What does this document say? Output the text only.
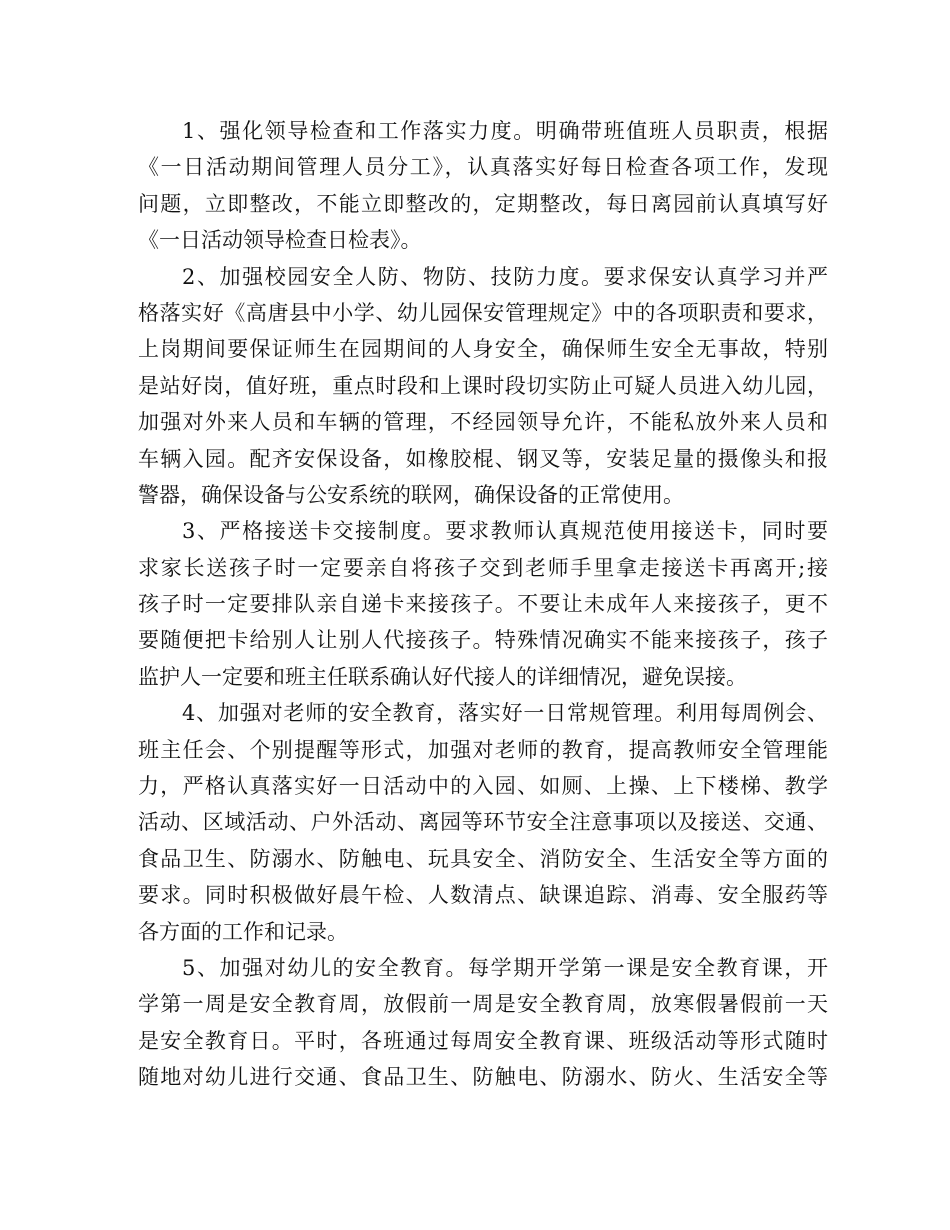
1、强化领导检查和工作落实力度。明确带班值班人员职责，根据
《一日活动期间管理人员分工》，认真落实好每日检查各项工作，发现
问题，立即整改，不能立即整改的，定期整改，每日离园前认真填写好
《一日活动领导检查日检表》。
2、加强校园安全人防、物防、技防力度。要求保安认真学习并严
格落实好《高唐县中小学、幼儿园保安管理规定》中的各项职责和要求，
上岗期间要保证师生在园期间的人身安全，确保师生安全无事故，特别
是站好岗，值好班，重点时段和上课时段切实防止可疑人员进入幼儿园，
加强对外来人员和车辆的管理，不经园领导允许，不能私放外来人员和
车辆入园。配齐安保设备，如橡胶棍、钢叉等，安装足量的摄像头和报
警器，确保设备与公安系统的联网，确保设备的正常使用。
3、严格接送卡交接制度。要求教师认真规范使用接送卡，同时要
求家长送孩子时一定要亲自将孩子交到老师手里拿走接送卡再离开;接
孩子时一定要排队亲自递卡来接孩子。不要让未成年人来接孩子，更不
要随便把卡给别人让别人代接孩子。特殊情况确实不能来接孩子，孩子
监护人一定要和班主任联系确认好代接人的详细情况，避免误接。
4、加强对老师的安全教育，落实好一日常规管理。利用每周例会、
班主任会、个别提醒等形式，加强对老师的教育，提高教师安全管理能
力，严格认真落实好一日活动中的入园、如厕、上操、上下楼梯、教学
活动、区域活动、户外活动、离园等环节安全注意事项以及接送、交通、
食品卫生、防溺水、防触电、玩具安全、消防安全、生活安全等方面的
要求。同时积极做好晨午检、人数清点、缺课追踪、消毒、安全服药等
各方面的工作和记录。
5、加强对幼儿的安全教育。每学期开学第一课是安全教育课，开
学第一周是安全教育周，放假前一周是安全教育周，放寒假暑假前一天
是安全教育日。平时，各班通过每周安全教育课、班级活动等形式随时
随地对幼儿进行交通、食品卫生、防触电、防溺水、防火、生活安全等
